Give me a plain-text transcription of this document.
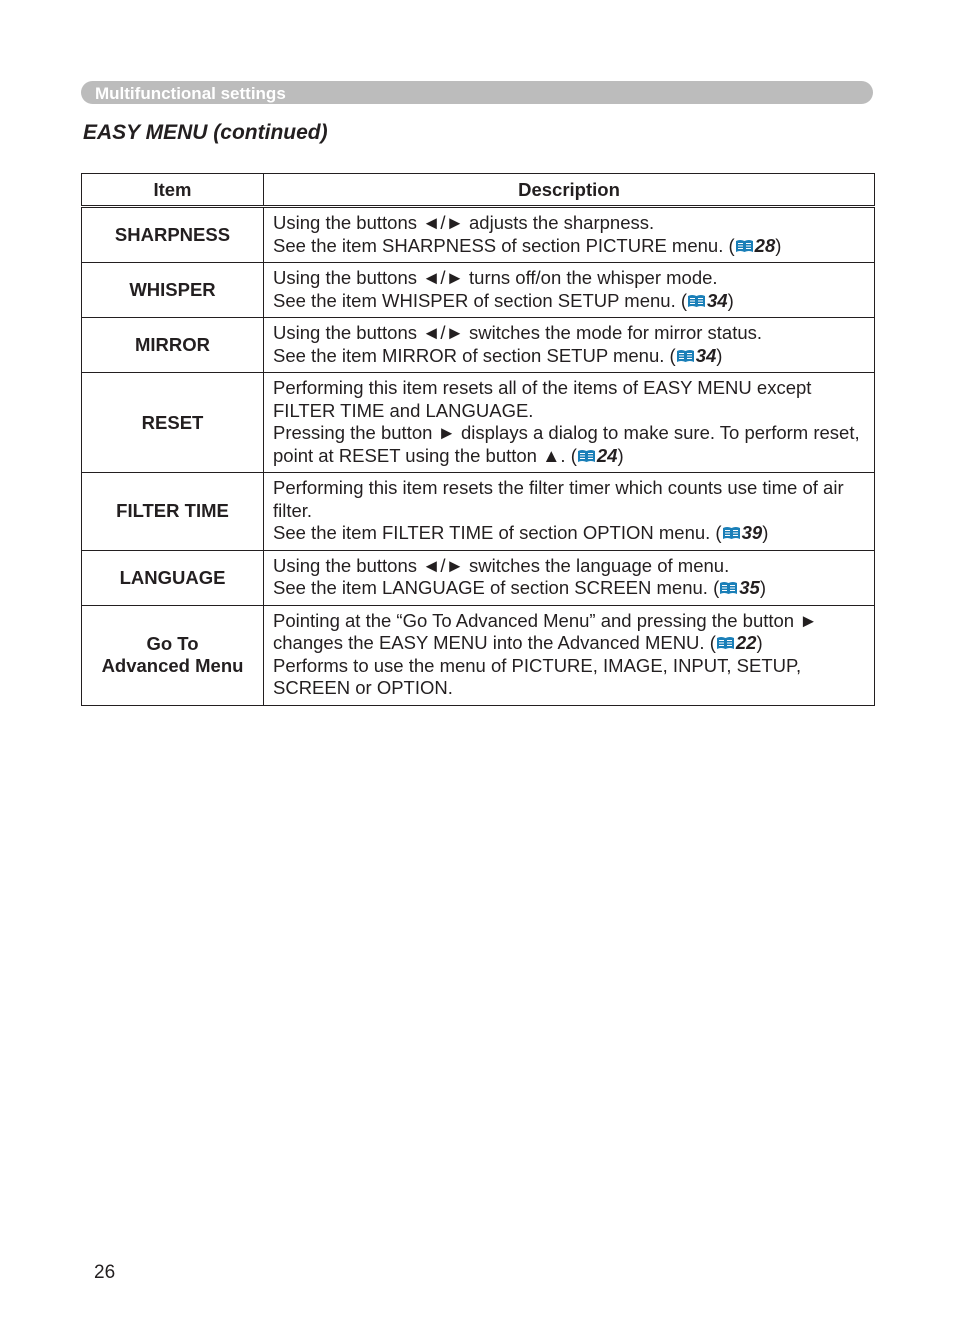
Multifunctional settings
EASY MENU (continued)
Item	Description
SHARPNESS	Using the buttons ◄/► adjusts the sharpness.
See the item SHARPNESS of section PICTURE menu. ( 28)

WHISPER	Using the buttons ◄/► turns off/on the whisper mode.
See the item WHISPER of section SETUP menu. ( 34)

MIRROR	Using the buttons ◄/► switches the mode for mirror status.
See the item MIRROR of section SETUP menu. ( 34)

RESET	Performing this item resets all of the items of EASY MENU except FILTER TIME and LANGUAGE.
Pressing the button ► displays a dialog to make sure. To perform reset, point at RESET using the button ▲. ( 24)

FILTER TIME	Performing this item resets the filter timer which counts use time of air filter.
See the item FILTER TIME of section OPTION menu. ( 39)

LANGUAGE	Using the buttons ◄/► switches the language of menu.
See the item LANGUAGE of section SCREEN menu. ( 35)

Go To
Advanced Menu	Pointing at the “Go To Advanced Menu” and pressing the button ► changes the EASY MENU into the Advanced MENU. ( 22)
Performs to use the menu of PICTURE, IMAGE, INPUT, SETUP, SCREEN or OPTION.
26
